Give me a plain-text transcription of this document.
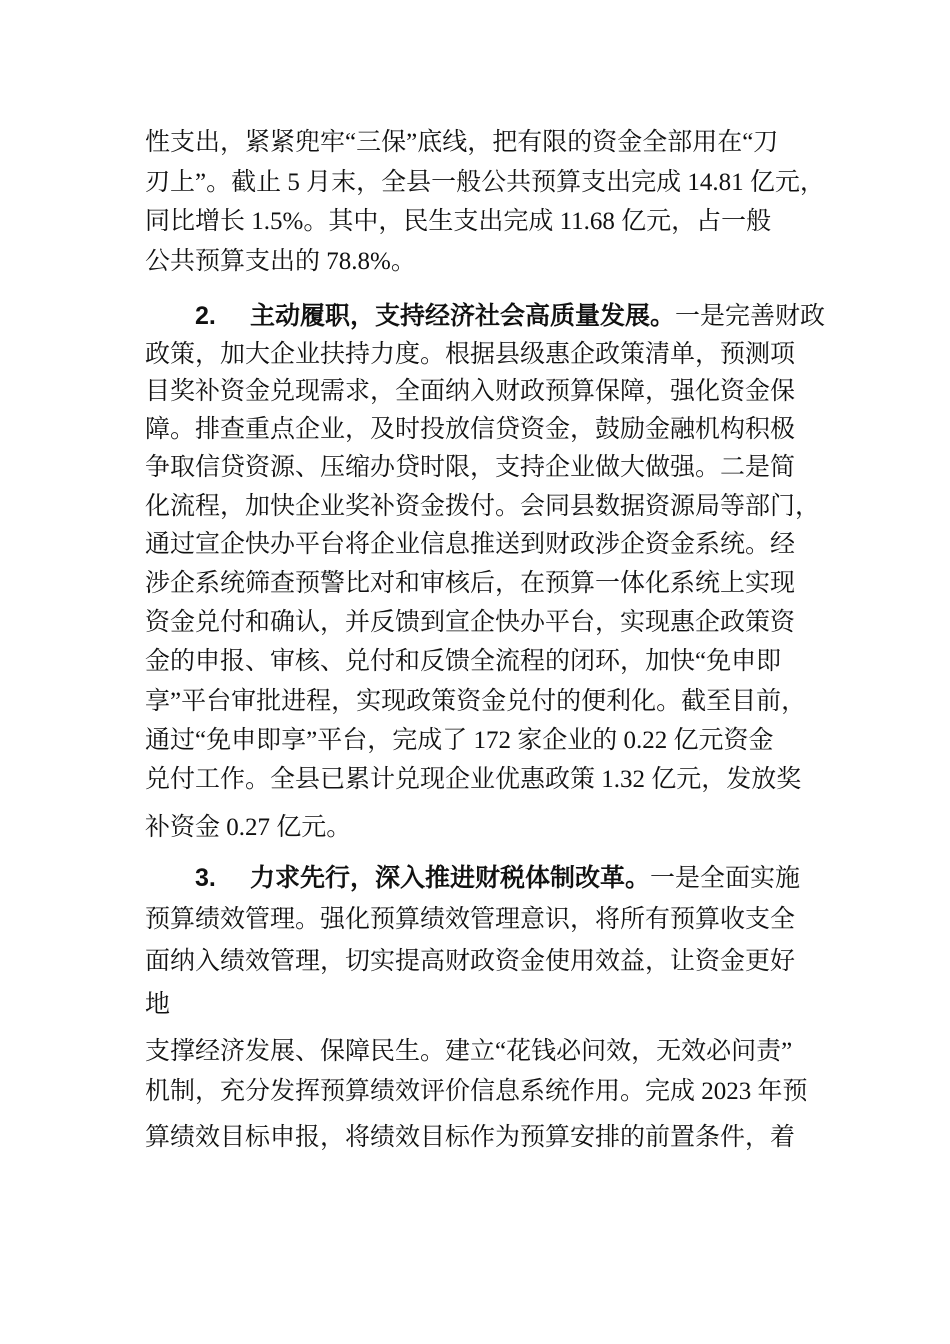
性支出，紧紧兜牢“三保”底线，把有限的资金全部用在“刀
刃上”。截止 5 月末，全县一般公共预算支出完成 14.81 亿元，
同比增长 1.5%。其中，民生支出完成 11.68 亿元，占一般
公共预算支出的 78.8%。
2. 主动履职，支持经济社会高质量发展。一是完善财政
政策，加大企业扶持力度。根据县级惠企政策清单，预测项
目奖补资金兑现需求，全面纳入财政预算保障，强化资金保
障。排查重点企业，及时投放信贷资金，鼓励金融机构积极
争取信贷资源、压缩办贷时限，支持企业做大做强。二是简
化流程，加快企业奖补资金拨付。会同县数据资源局等部门，
通过宣企快办平台将企业信息推送到财政涉企资金系统。经
涉企系统筛查预警比对和审核后，在预算一体化系统上实现
资金兑付和确认，并反馈到宣企快办平台，实现惠企政策资
金的申报、审核、兑付和反馈全流程的闭环，加快“免申即
享”平台审批进程，实现政策资金兑付的便利化。截至目前，
通过“免申即享”平台，完成了 172 家企业的 0.22 亿元资金
兑付工作。全县已累计兑现企业优惠政策 1.32 亿元，发放奖
补资金 0.27 亿元。
3. 力求先行，深入推进财税体制改革。一是全面实施
预算绩效管理。强化预算绩效管理意识，将所有预算收支全
面纳入绩效管理，切实提高财政资金使用效益，让资金更好
地
支撑经济发展、保障民生。建立“花钱必问效，无效必问责”
机制，充分发挥预算绩效评价信息系统作用。完成 2023 年预
算绩效目标申报，将绩效目标作为预算安排的前置条件，着
